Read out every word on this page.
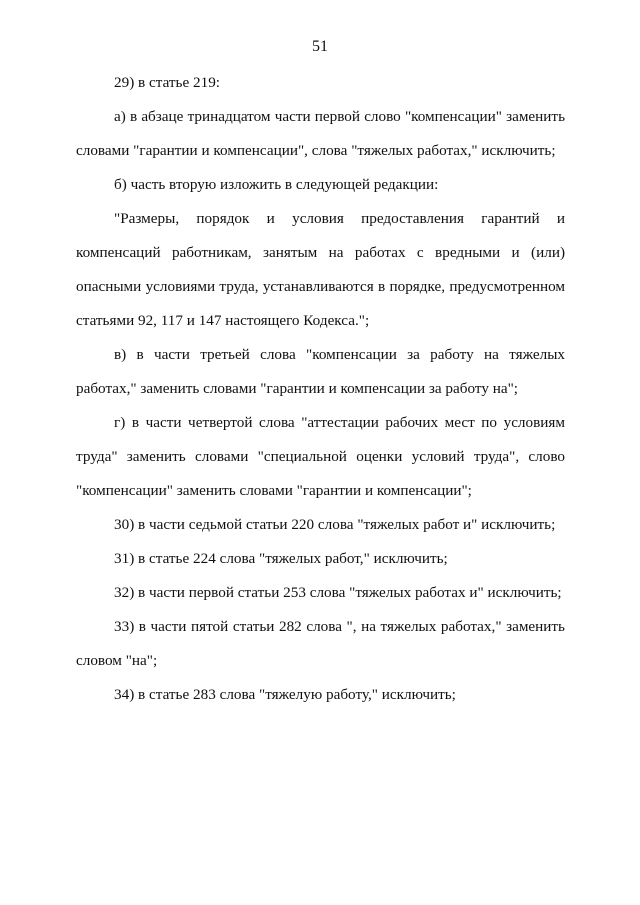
51

29) в статье 219:

а) в абзаце тринадцатом части первой слово "компенсации" заменить словами "гарантии и компенсации", слова "тяжелых работах," исключить;

б) часть вторую изложить в следующей редакции:

"Размеры, порядок и условия предоставления гарантий и компенсаций работникам, занятым на работах с вредными и (или) опасными условиями труда, устанавливаются в порядке, предусмотренном статьями 92, 117 и 147 настоящего Кодекса.";

в) в части третьей слова "компенсации за работу на тяжелых работах," заменить словами "гарантии и компенсации за работу на";

г) в части четвертой слова "аттестации рабочих мест по условиям труда" заменить словами "специальной оценки условий труда", слово "компенсации" заменить словами "гарантии и компенсации";

30) в части седьмой статьи 220 слова "тяжелых работ и" исключить;

31) в статье 224 слова "тяжелых работ," исключить;

32) в части первой статьи 253 слова "тяжелых работах и" исключить;

33) в части пятой статьи 282 слова ", на тяжелых работах," заменить словом "на";

34) в статье 283 слова "тяжелую работу," исключить;
